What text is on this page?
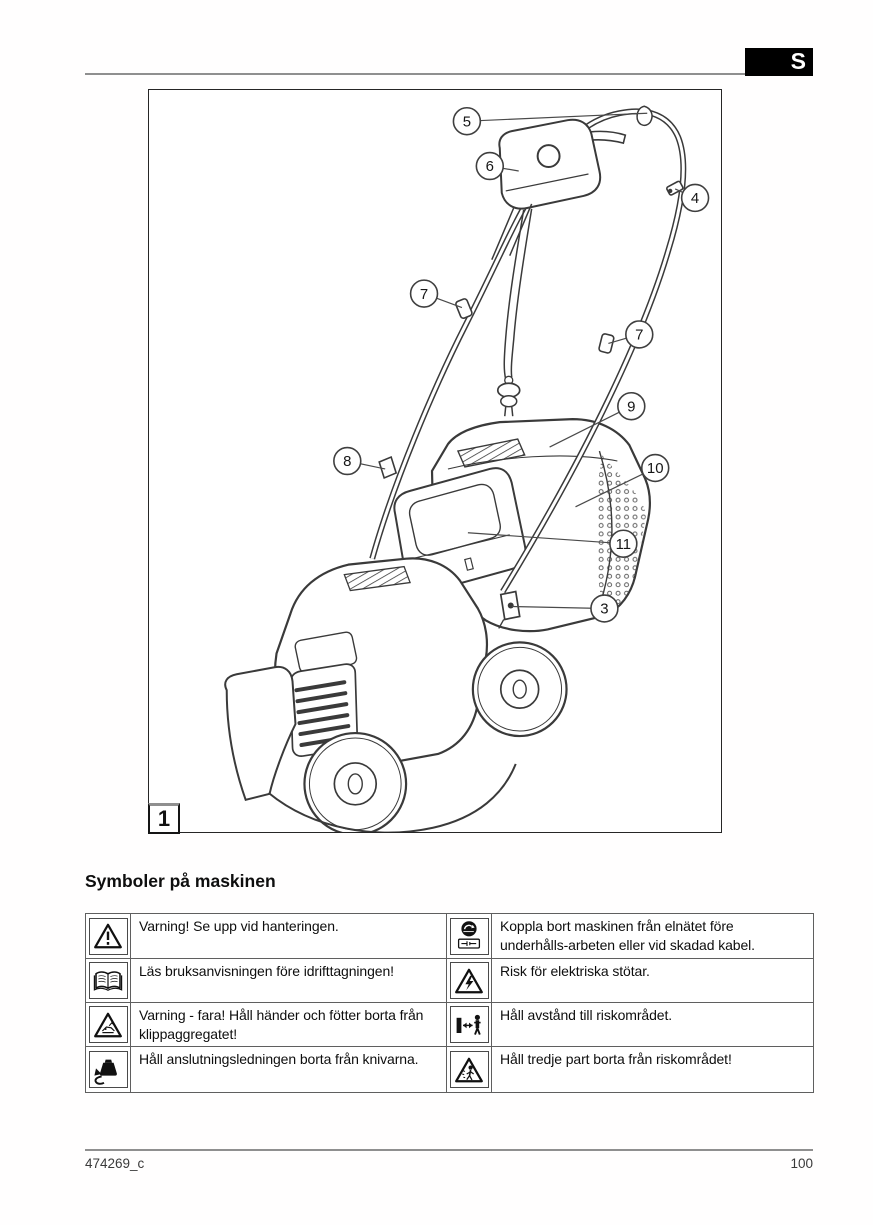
S
5
6
4
7
7
9
8	10
11
3
1
Symboler på maskinen
	Varning! Se upp vid hanteringen.		Koppla bort maskinen från elnätet före underhålls-arbeten eller vid skadad kabel.

	Läs bruksanvisningen före idrifttagningen!		Risk för elektriska stötar.

	Varning - fara! Håll händer och fötter borta från klippaggregatet!		Håll avstånd till riskområdet.

	Håll anslutningsledningen borta från knivarna.		Håll tredje part borta från riskområdet!
474269_c	100
